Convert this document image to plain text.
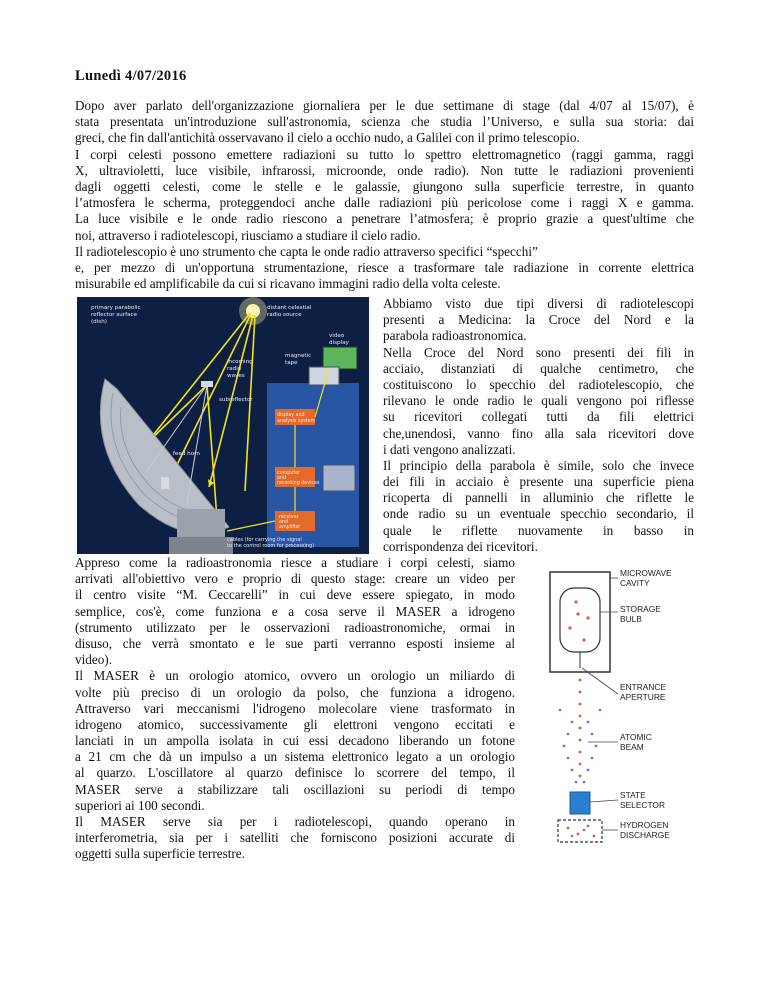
Lunedì 4/07/2016
Dopo aver parlato dell'organizzazione giornaliera per le due settimane di stage (dal 4/07 al 15/07), è
stata presentata un'introduzione sull'astronomia, scienza che studia l’Universo, e sulla sua storia: dai
greci, che fin dall'antichità osservavano il cielo a occhio nudo, a Galilei con il primo telescopio.
I corpi celesti possono emettere radiazioni su tutto lo spettro elettromagnetico (raggi gamma, raggi
X, ultravioletti, luce visibile, infrarossi, microonde, onde radio). Non tutte le radiazioni provenienti
dagli oggetti celesti, come le stelle e le galassie, giungono sulla superficie terrestre, in quanto
l’atmosfera le scherma, proteggendoci anche dalle radiazioni più pericolose come i raggi X e gamma.
La luce visibile e le onde radio riescono a penetrare l’atmosfera; è proprio grazie a quest'ultime che
noi, attraverso i radiotelescopi, riusciamo a studiare il cielo radio.
Il radiotelescopio è uno strumento che capta le onde radio attraverso specifici “specchi”
e, per mezzo di un'opportuna strumentazione, riesce a trasformare tale radiazione in corrente elettrica
misurabile ed amplificabile da cui si ricavano immagini radio della volta celeste.
primary parabolic
reflector surface
(dish)
distant celestial
radio source
video
display
magnetic
tape
incoming
radio
waves
subreflector
display and
analysis system
feed horn
computer
and
recording devices
receiver
and
amplifier
cables (for carrying the signal
to the control room for processing)
Abbiamo visto due tipi diversi di radiotelescopi
presenti a Medicina: la Croce del Nord e la
parabola radioastronomica.
Nella Croce del Nord sono presenti dei fili in
acciaio, distanziati di qualche centimetro, che
costituiscono lo specchio del radiotelescopio, che
rilevano le onde radio le quali vengono poi riflesse
su ricevitori collegati tutti da fili elettrici
che,unendosi, vanno fino alla sala ricevitori dove
i dati vengono analizzati.
Il principio della parabola è simile, solo che invece
dei fili in acciaio è presente una superficie piena
ricoperta di pannelli in alluminio che riflette le
onde radio su un eventuale specchio secondario, il
quale le riflette nuovamente in basso in
corrispondenza dei ricevitori.
Appreso come la radioastronomia riesce a studiare i corpi celesti, siamo
arrivati all'obiettivo vero e proprio di questo stage: creare un video per
il centro visite “M. Ceccarelli” in cui deve essere spiegato, in modo
semplice, cos'è, come funziona e a cosa serve il MASER a idrogeno
(strumento utilizzato per le osservazioni radioastronomiche, ormai in
disuso, che verrà smontato e le sue parti verranno esposti insieme al
video).
Il MASER è un orologio atomico, ovvero un orologio un miliardo di
volte più preciso di un orologio da polso, che funziona a idrogeno.
Attraverso vari meccanismi l'idrogeno molecolare viene trasformato in
idrogeno atomico, successivamente gli elettroni vengono eccitati e
lanciati in un ampolla isolata in cui essi decadono liberando un fotone
a 21 cm che dà un impulso a un sistema elettronico legato a un orologio
al quarzo. L'oscillatore al quarzo definisce lo scorrere del tempo, il
MASER serve a stabilizzare tali oscillazioni su periodi di tempo
superiori ai 100 secondi.
Il MASER serve sia per i radiotelescopi, quando operano in
interferometria, sia per i satelliti che forniscono posizioni accurate di
oggetti sulla superficie terrestre.
MICROWAVE
CAVITY
STORAGE
BULB
ENTRANCE
APERTURE
ATOMIC
BEAM
STATE
SELECTOR
HYDROGEN
DISCHARGE
